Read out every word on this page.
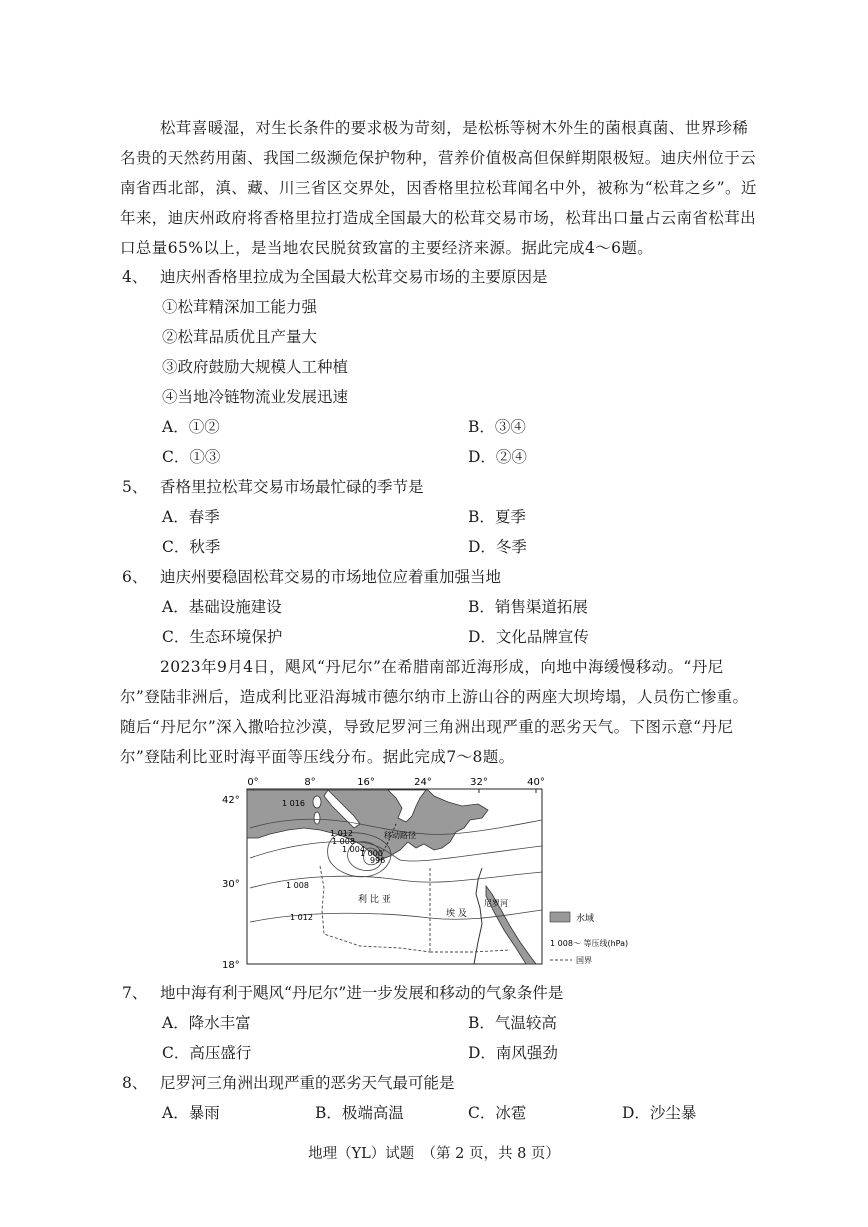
松茸喜暖湿，对生长条件的要求极为苛刻，是松栎等树木外生的菌根真菌、世界珍稀名贵的天然药用菌、我国二级濒危保护物种，营养价值极高但保鲜期限极短。迪庆州位于云南省西北部，滇、藏、川三省区交界处，因香格里拉松茸闻名中外，被称为“松茸之乡”。近年来，迪庆州政府将香格里拉打造成全国最大的松茸交易市场，松茸出口量占云南省松茸出口总量65%以上，是当地农民脱贫致富的主要经济来源。据此完成4～6题。
4、 迪庆州香格里拉成为全国最大松茸交易市场的主要原因是
①松茸精深加工能力强
②松茸品质优且产量大
③政府鼓励大规模人工种植
④当地冷链物流业发展迅速
A．①②	B．③④
C．①③	D．②④
5、 香格里拉松茸交易市场最忙碌的季节是
A．春季	B．夏季
C．秋季	D．冬季
6、 迪庆州要稳固松茸交易的市场地位应着重加强当地
A．基础设施建设	B．销售渠道拓展
C．生态环境保护	D．文化品牌宣传
2023年9月4日，飓风“丹尼尔”在希腊南部近海形成，向地中海缓慢移动。“丹尼尔”登陆非洲后，造成利比亚沿海城市德尔纳市上游山谷的两座大坝垮塌，人员伤亡惨重。随后“丹尼尔”深入撒哈拉沙漠，导致尼罗河三角洲出现严重的恶劣天气。下图示意“丹尼尔”登陆利比亚时海平面等压线分布。据此完成7～8题。
0°	8°	16°	24°	32°	40°
42°
30°
18°
1 016
1 012
1 008
1 004
1 000
996
1 008
1 012
移动路径
利 比 亚
埃 及
尼罗河
水域
1 008～ 等压线(hPa)
国界
7、 地中海有利于飓风“丹尼尔”进一步发展和移动的气象条件是
A．降水丰富	B．气温较高
C．高压盛行	D．南风强劲
8、 尼罗河三角洲出现严重的恶劣天气最可能是
A．暴雨	B．极端高温	C．冰雹	D．沙尘暴
地理（YL）试题　（第 2 页，共 8 页）
